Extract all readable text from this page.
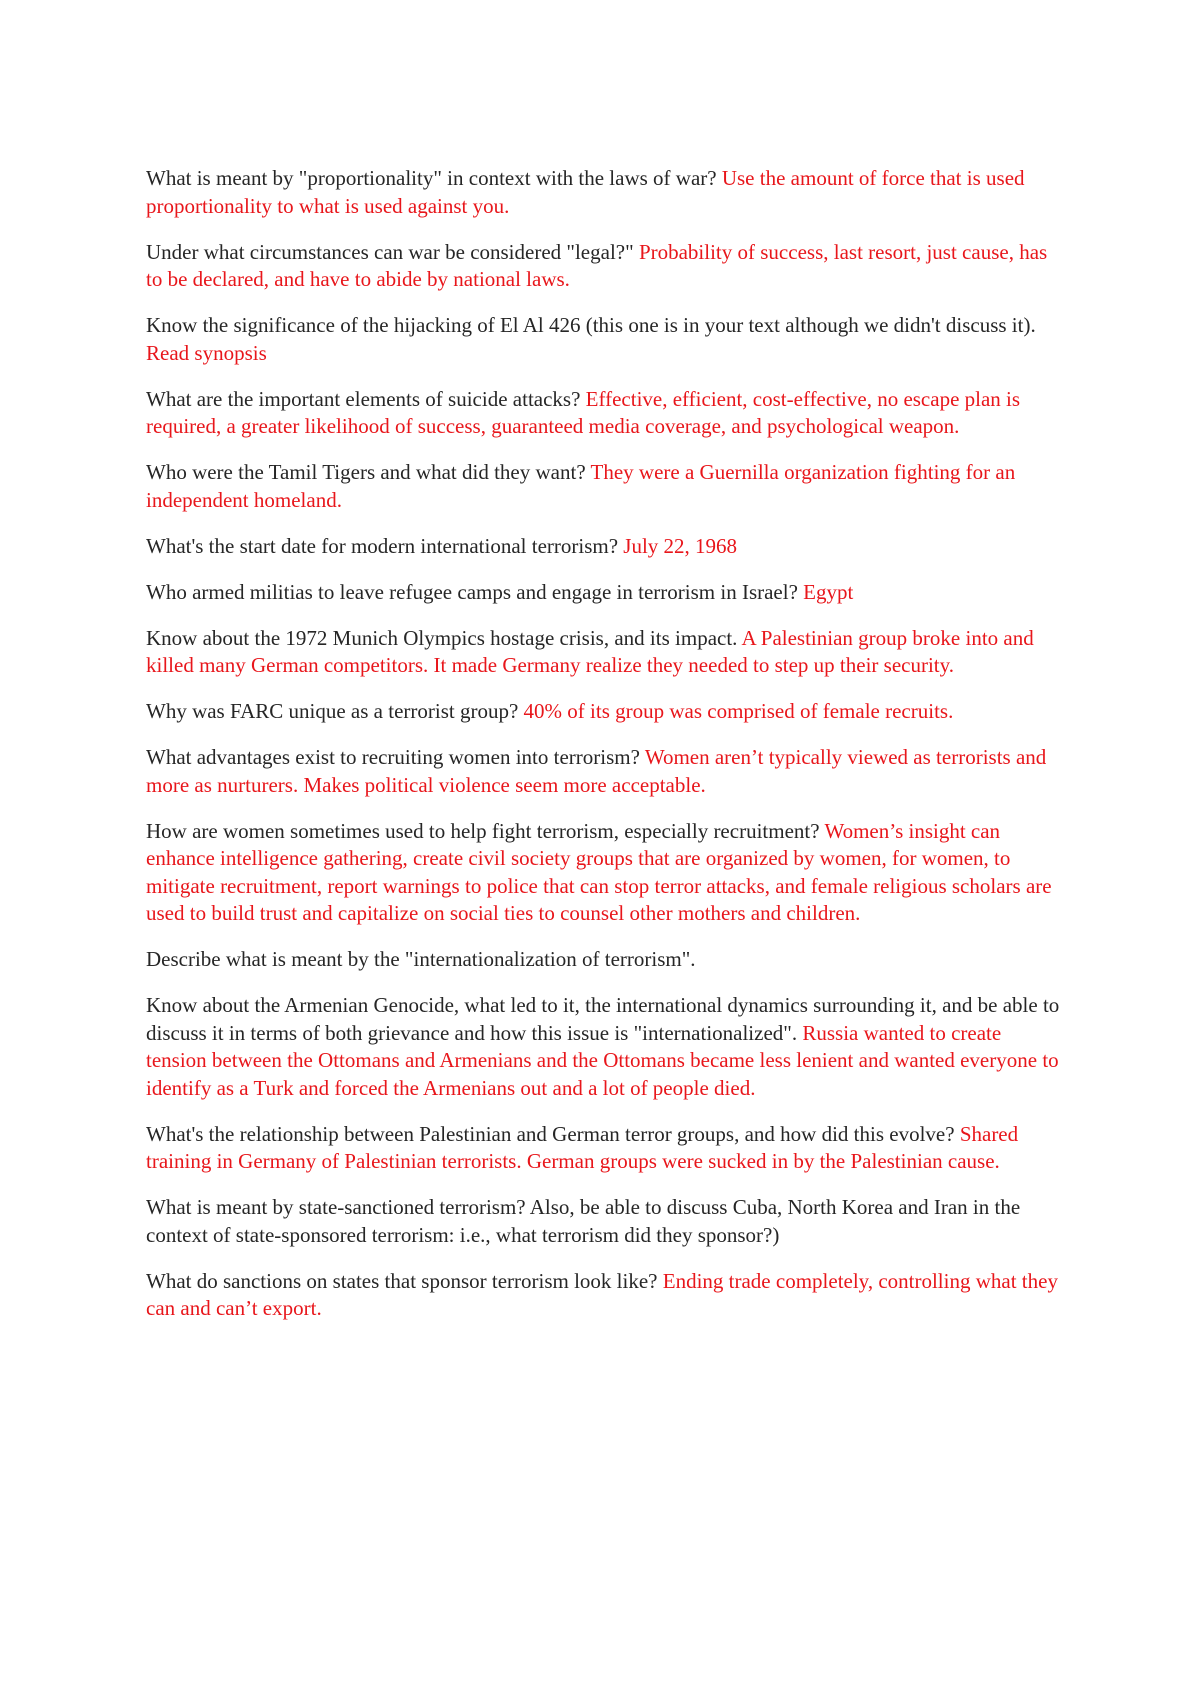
What is meant by "proportionality" in context with the laws of war? Use the amount of force that is used proportionality to what is used against you.

Under what circumstances can war be considered "legal?" Probability of success, last resort, just cause, has to be declared, and have to abide by national laws.

Know the significance of the hijacking of El Al 426 (this one is in your text although we didn't discuss it). Read synopsis

What are the important elements of suicide attacks? Effective, efficient, cost-effective, no escape plan is required, a greater likelihood of success, guaranteed media coverage, and psychological weapon.

Who were the Tamil Tigers and what did they want? They were a Guernilla organization fighting for an independent homeland.

What's the start date for modern international terrorism? July 22, 1968

Who armed militias to leave refugee camps and engage in terrorism in Israel? Egypt

Know about the 1972 Munich Olympics hostage crisis, and its impact. A Palestinian group broke into and killed many German competitors. It made Germany realize they needed to step up their security.

Why was FARC unique as a terrorist group? 40% of its group was comprised of female recruits.

What advantages exist to recruiting women into terrorism? Women aren’t typically viewed as terrorists and more as nurturers. Makes political violence seem more acceptable.

How are women sometimes used to help fight terrorism, especially recruitment? Women’s insight can enhance intelligence gathering, create civil society groups that are organized by women, for women, to mitigate recruitment, report warnings to police that can stop terror attacks, and female religious scholars are used to build trust and capitalize on social ties to counsel other mothers and children.

Describe what is meant by the "internationalization of terrorism".

Know about the Armenian Genocide, what led to it, the international dynamics surrounding it, and be able to discuss it in terms of both grievance and how this issue is "internationalized". Russia wanted to create tension between the Ottomans and Armenians and the Ottomans became less lenient and wanted everyone to identify as a Turk and forced the Armenians out and a lot of people died.

What's the relationship between Palestinian and German terror groups, and how did this evolve? Shared training in Germany of Palestinian terrorists. German groups were sucked in by the Palestinian cause.

What is meant by state-sanctioned terrorism? Also, be able to discuss Cuba, North Korea and Iran in the context of state-sponsored terrorism: i.e., what terrorism did they sponsor?)

What do sanctions on states that sponsor terrorism look like? Ending trade completely, controlling what they can and can’t export.
